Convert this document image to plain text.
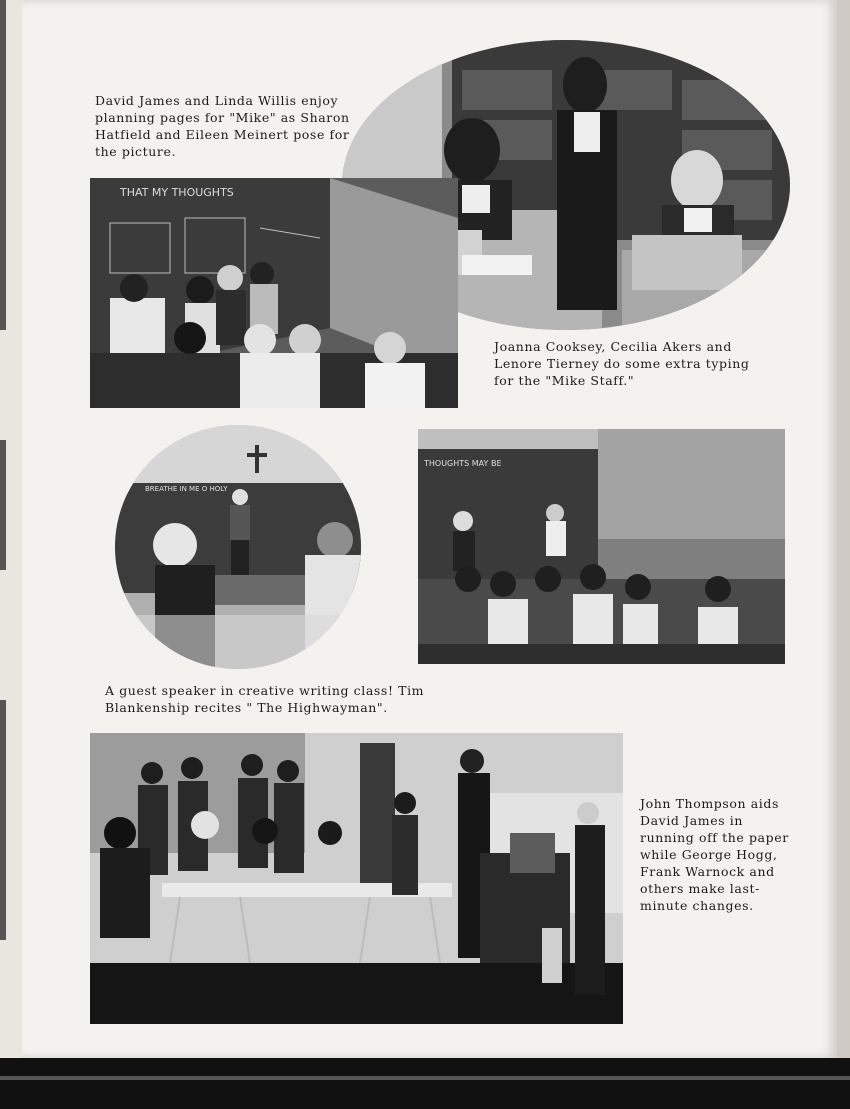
David James and Linda Willis enjoy planning pages for "Mike" as Sharon Hatfield and Eileen Meinert pose for the picture.
THAT MY THOUGHTS
Joanna Cooksey, Cecilia Akers and Lenore Tierney do some extra typing for the "Mike Staff."
BREATHE IN ME O HOLY
THOUGHTS MAY BE
A guest speaker in creative writing class! Tim Blankenship recites " The Highwayman".
John Thompson aids David James in running off the paper while George Hogg, Frank Warnock and others make last-minute changes.
